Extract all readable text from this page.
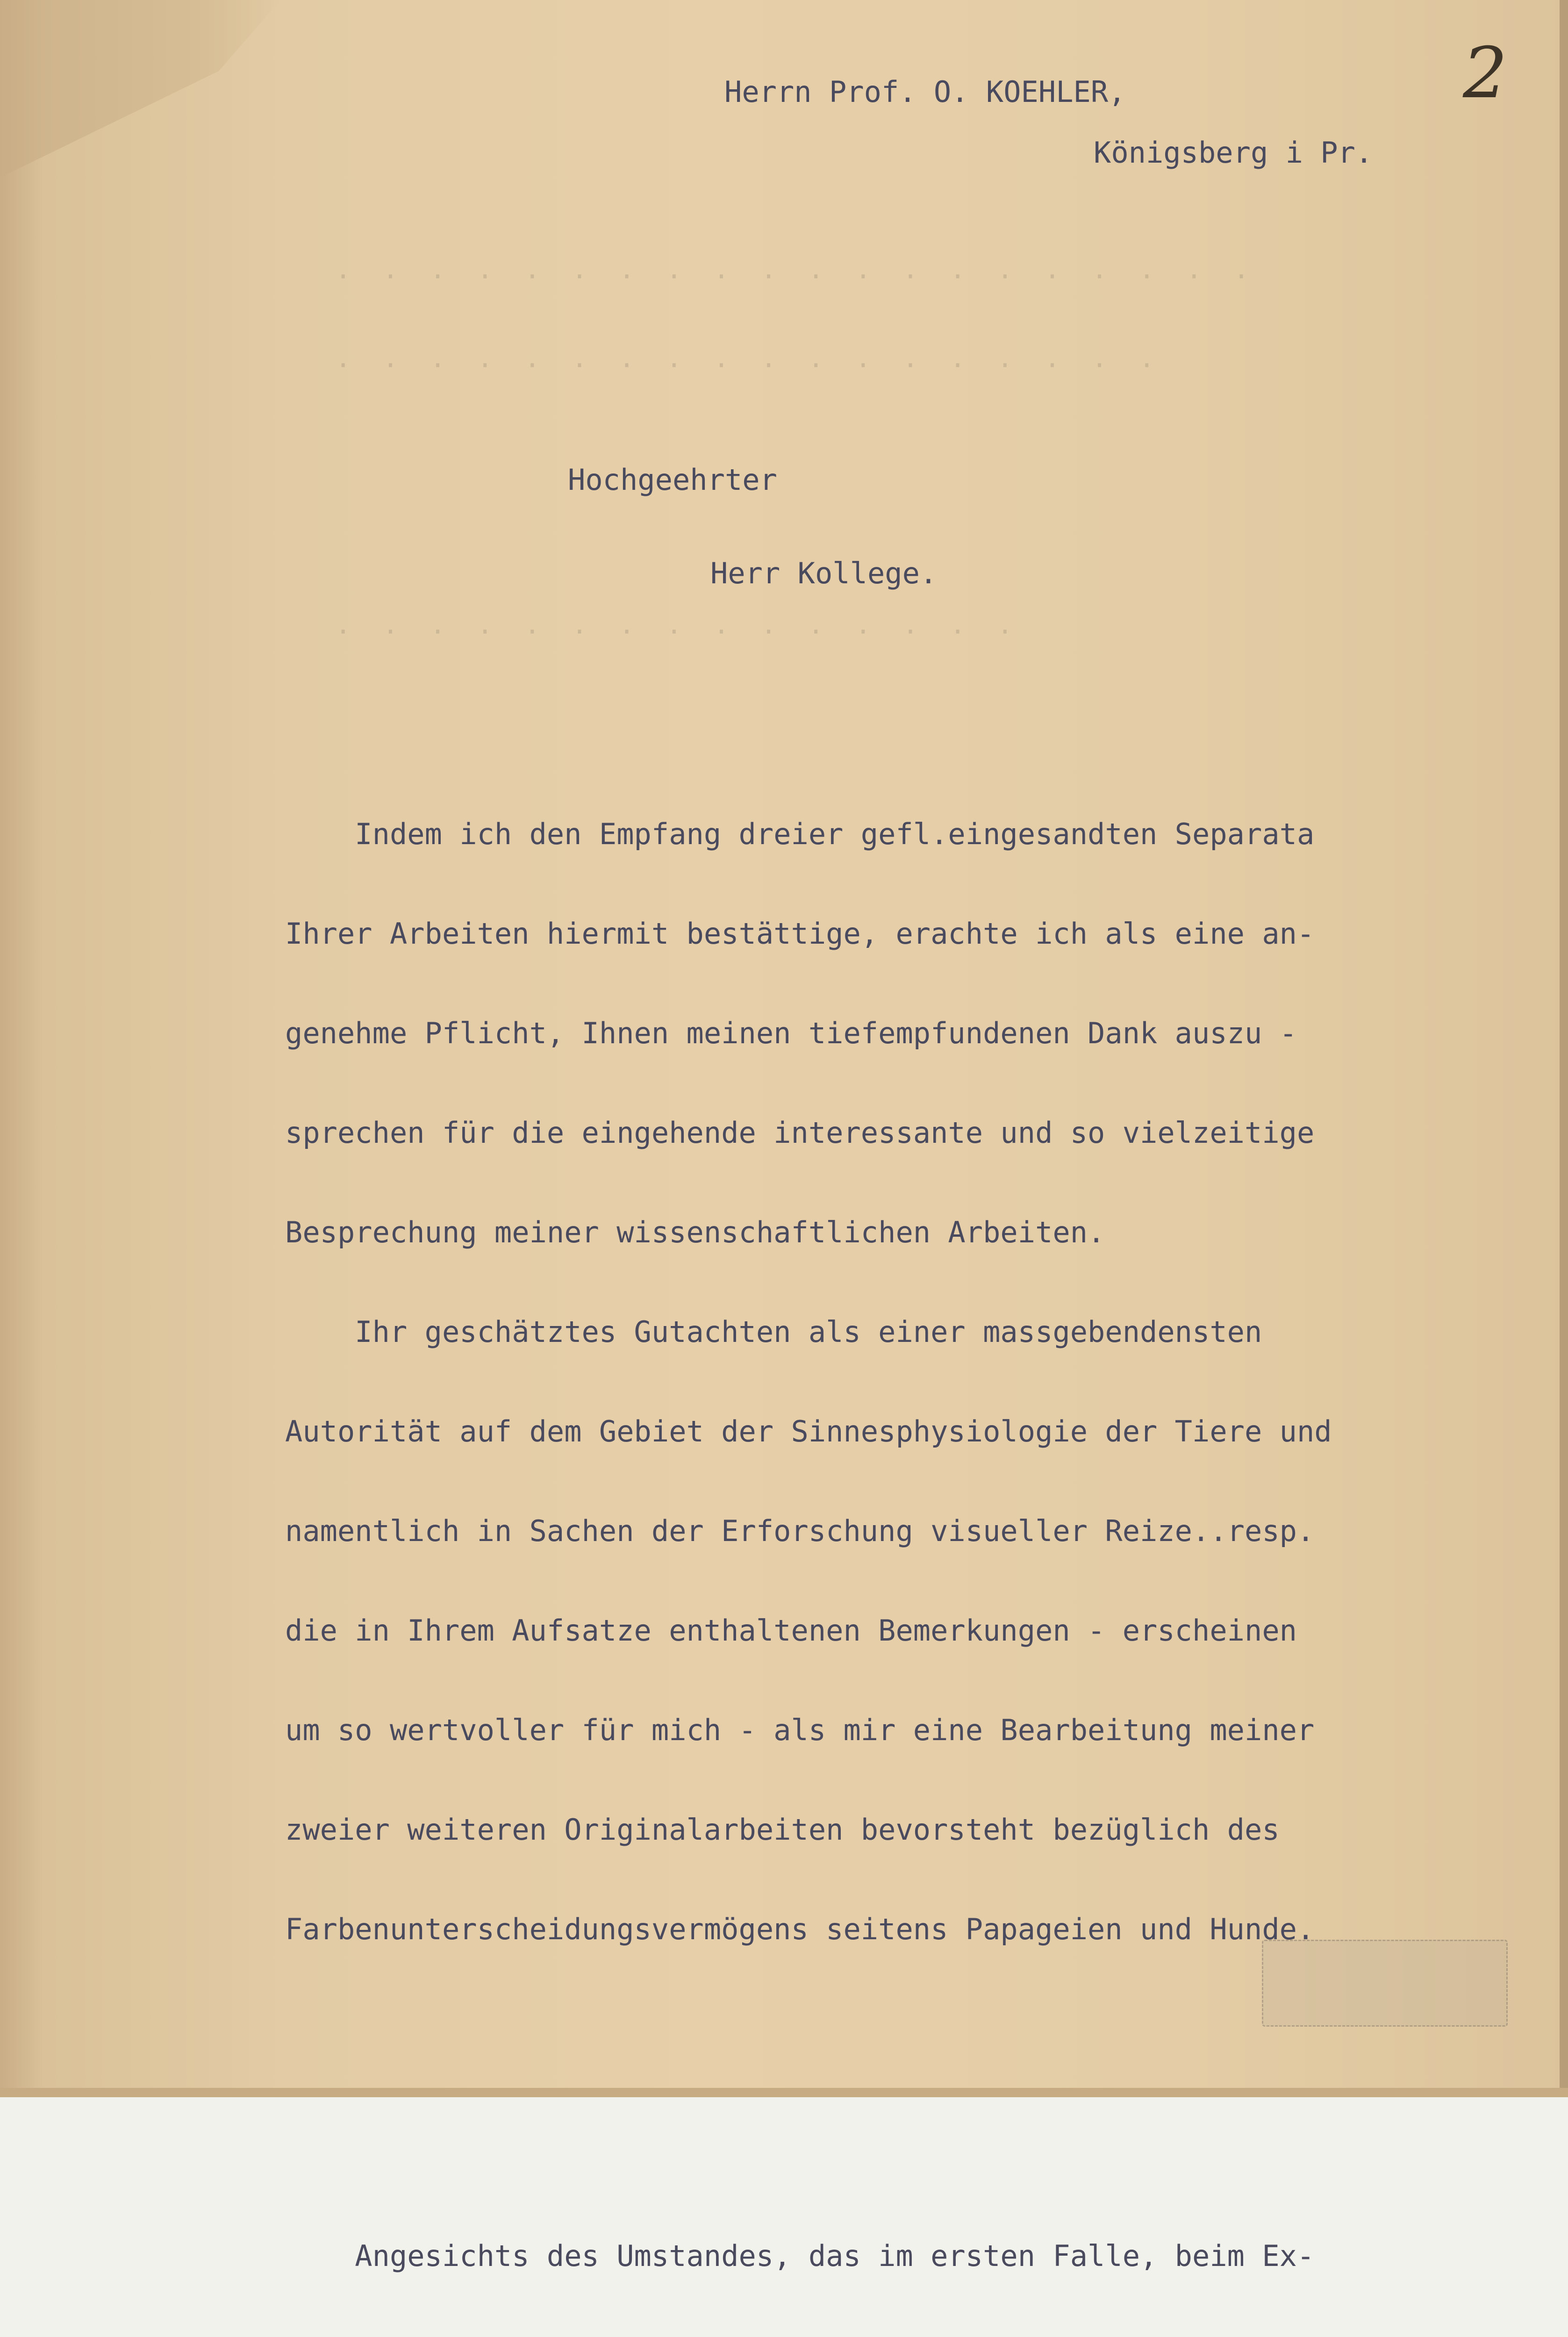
·  ·  ·  ·  ·  ·  ·  ·  ·  ·  ·  ·  ·  ·  ·  ·  ·  ·  ·  ·
·  ·  ·  ·  ·  ·  ·  ·  ·  ·  ·  ·  ·  ·  ·  ·  ·  ·
·  ·  ·  ·  ·  ·  ·  ·  ·  ·  ·  ·  ·  ·  ·
2
Herrn Prof. O. KOEHLER,
Königsberg i Pr.
Hochgeehrter
Herr Kollege.

Indem ich den Empfang dreier gefl.eingesandten Separata

Ihrer Arbeiten hiermit bestättige, erachte ich als eine an-

genehme Pflicht, Ihnen meinen tiefempfundenen Dank auszu -

sprechen für die eingehende interessante und so vielzeitige

Besprechung meiner wissenschaftlichen Arbeiten.

Ihr geschätztes Gutachten als einer massgebendensten

Autorität auf dem Gebiet der Sinnesphysiologie der Tiere und

namentlich in Sachen der Erforschung visueller Reize..resp.

die in Ihrem Aufsatze enthaltenen Bemerkungen - erscheinen

um so wertvoller für mich - als mir eine Bearbeitung meiner

zweier weiteren Originalarbeiten bevorsteht bezüglich des

Farbenunterscheidungsvermögens seitens Papageien und Hunde.

Angesichts des Umstandes, das im ersten Falle, beim Ex-
